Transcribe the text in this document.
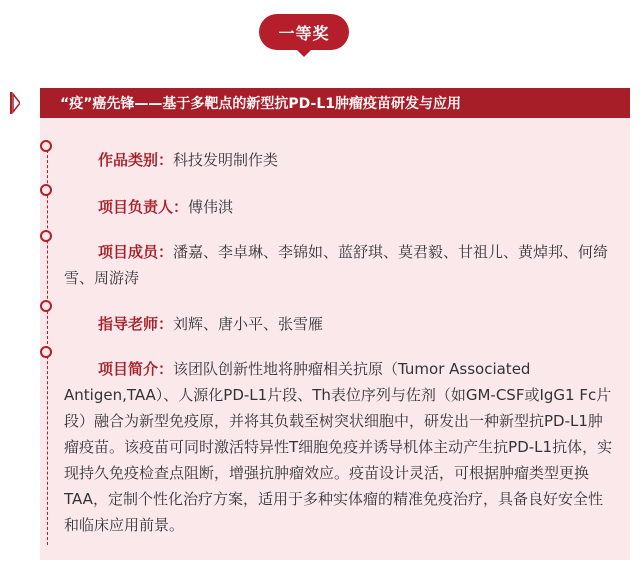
一等奖
“疫”癌先锋——基于多靶点的新型抗PD-L1肿瘤疫苗研发与应用
作品类别：科技发明制作类
项目负责人：傅伟淇
项目成员：潘嘉、李卓琳、李锦如、蓝舒琪、莫君毅、甘祖儿、黄焯邦、何绮雪、周游涛
指导老师：刘辉、唐小平、张雪雁
项目简介：该团队创新性地将肿瘤相关抗原（Tumor Associated Antigen,TAA）、人源化PD-L1片段、Th表位序列与佐剂（如GM-CSF或IgG1 Fc片段）融合为新型免疫原，并将其负载至树突状细胞中，研发出一种新型抗PD-L1肿瘤疫苗。该疫苗可同时激活特异性T细胞免疫并诱导机体主动产生抗PD-L1抗体，实现持久免疫检查点阻断，增强抗肿瘤效应。疫苗设计灵活，可根据肿瘤类型更换TAA，定制个性化治疗方案，适用于多种实体瘤的精准免疫治疗，具备良好安全性和临床应用前景。
